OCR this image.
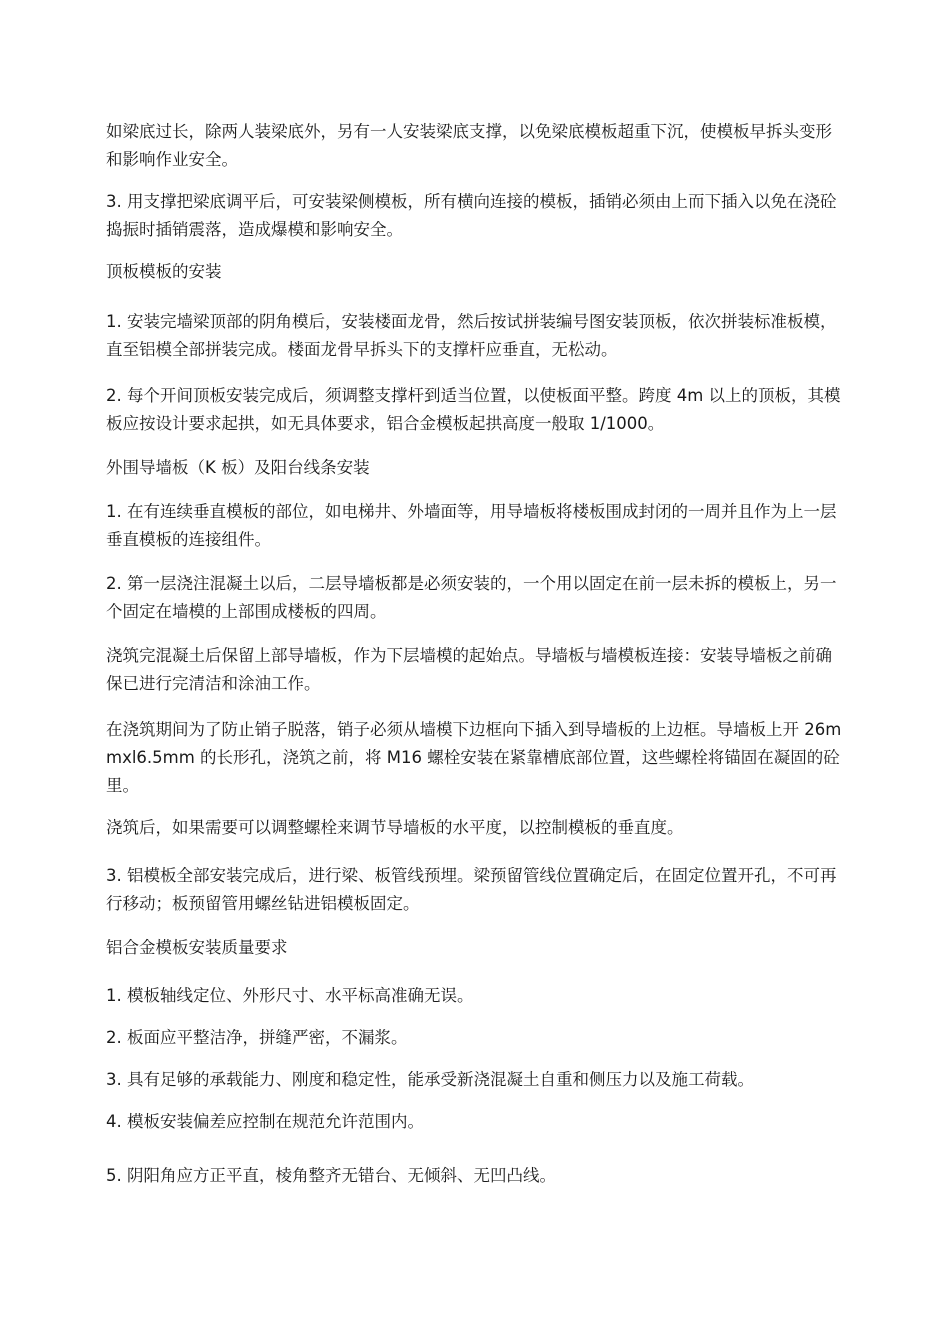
如梁底过长，除两人装梁底外，另有一人安装梁底支撑，以免梁底模板超重下沉，使模板早拆头变形和影响作业安全。

3. 用支撑把梁底调平后，可安装梁侧模板，所有横向连接的模板，插销必须由上而下插入以免在浇砼捣振时插销震落，造成爆模和影响安全。

顶板模板的安装

1. 安装完墙梁顶部的阴角模后，安装楼面龙骨，然后按试拼装编号图安装顶板，依次拼装标准板模，直至铝模全部拼装完成。楼面龙骨早拆头下的支撑杆应垂直，无松动。

2. 每个开间顶板安装完成后，须调整支撑杆到适当位置，以使板面平整。跨度 4m 以上的顶板，其模板应按设计要求起拱，如无具体要求，铝合金模板起拱高度一般取 1/1000。

外围导墙板（K 板）及阳台线条安装

1. 在有连续垂直模板的部位，如电梯井、外墙面等，用导墙板将楼板围成封闭的一周并且作为上一层垂直模板的连接组件。

2. 第一层浇注混凝土以后，二层导墙板都是必须安装的，一个用以固定在前一层未拆的模板上，另一个固定在墙模的上部围成楼板的四周。

浇筑完混凝土后保留上部导墙板，作为下层墙模的起始点。导墙板与墙模板连接：安装导墙板之前确保已进行完清洁和涂油工作。

在浇筑期间为了防止销子脱落，销子必须从墙模下边框向下插入到导墙板的上边框。导墙板上开 26mmxl6.5mm 的长形孔，浇筑之前，将 M16 螺栓安装在紧靠槽底部位置，这些螺栓将锚固在凝固的砼里。

浇筑后，如果需要可以调整螺栓来调节导墙板的水平度，以控制模板的垂直度。

3. 铝模板全部安装完成后，进行梁、板管线预埋。梁预留管线位置确定后，在固定位置开孔，不可再行移动；板预留管用螺丝钻进铝模板固定。

铝合金模板安装质量要求

1. 模板轴线定位、外形尺寸、水平标高准确无误。

2. 板面应平整洁净，拼缝严密，不漏浆。

3. 具有足够的承载能力、刚度和稳定性，能承受新浇混凝土自重和侧压力以及施工荷载。

4. 模板安装偏差应控制在规范允许范围内。

5. 阴阳角应方正平直，棱角整齐无错台、无倾斜、无凹凸线。
